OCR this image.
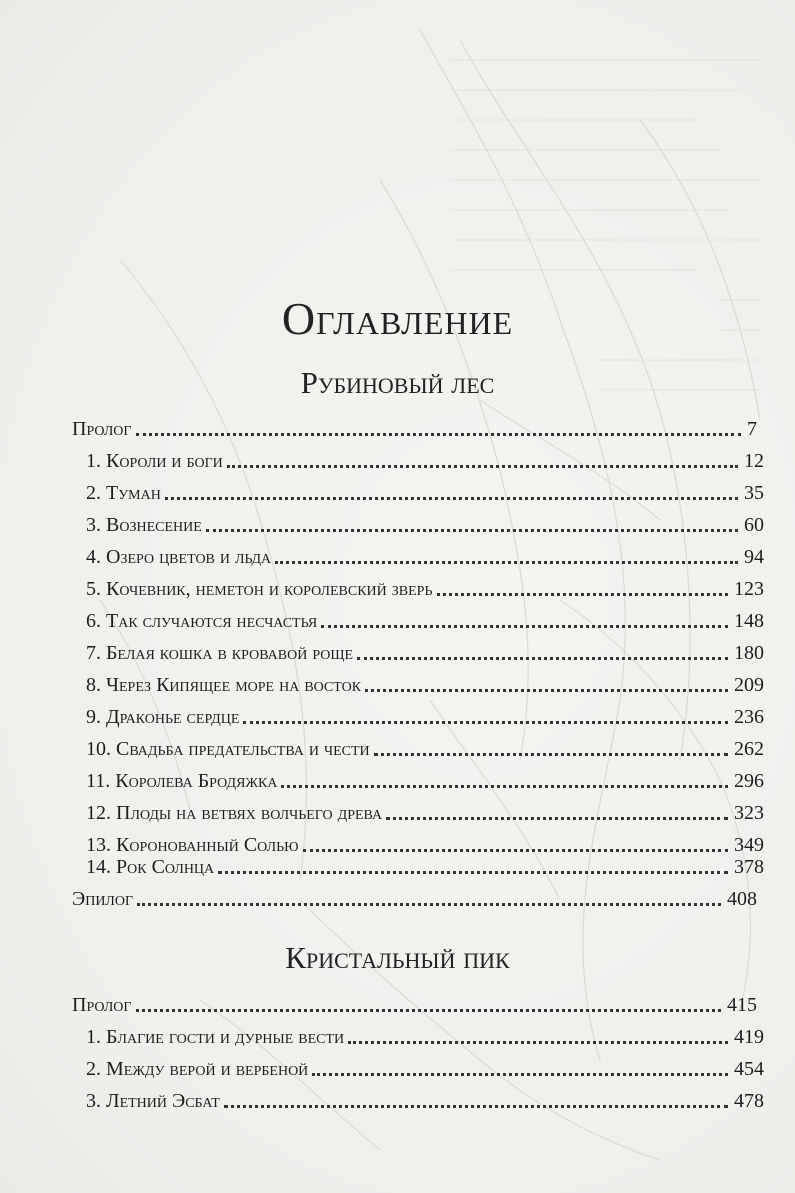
Оглавление
Рубиновый лес
Пролог	7
1. Короли и боги	12
2. Туман	35
3. Вознесение	60
4. Озеро цветов и льда	94
5. Кочевник, неметон и королевский зверь	123
6. Так случаются несчастья	148
7. Белая кошка в кровавой роще	180
8. Через Кипящее море на восток	209
9. Драконье сердце	236
10. Свадьба предательства и чести	262
11. Королева Бродяжка	296
12. Плоды на ветвях волчьего древа	323
13. Коронованный Солью	349
14. Рок Солнца	378
Эпилог	408
Кристальный пик
Пролог	415
1. Благие гости и дурные вести	419
2. Между верой и вербеной	454
3. Летний Эсбат	478
